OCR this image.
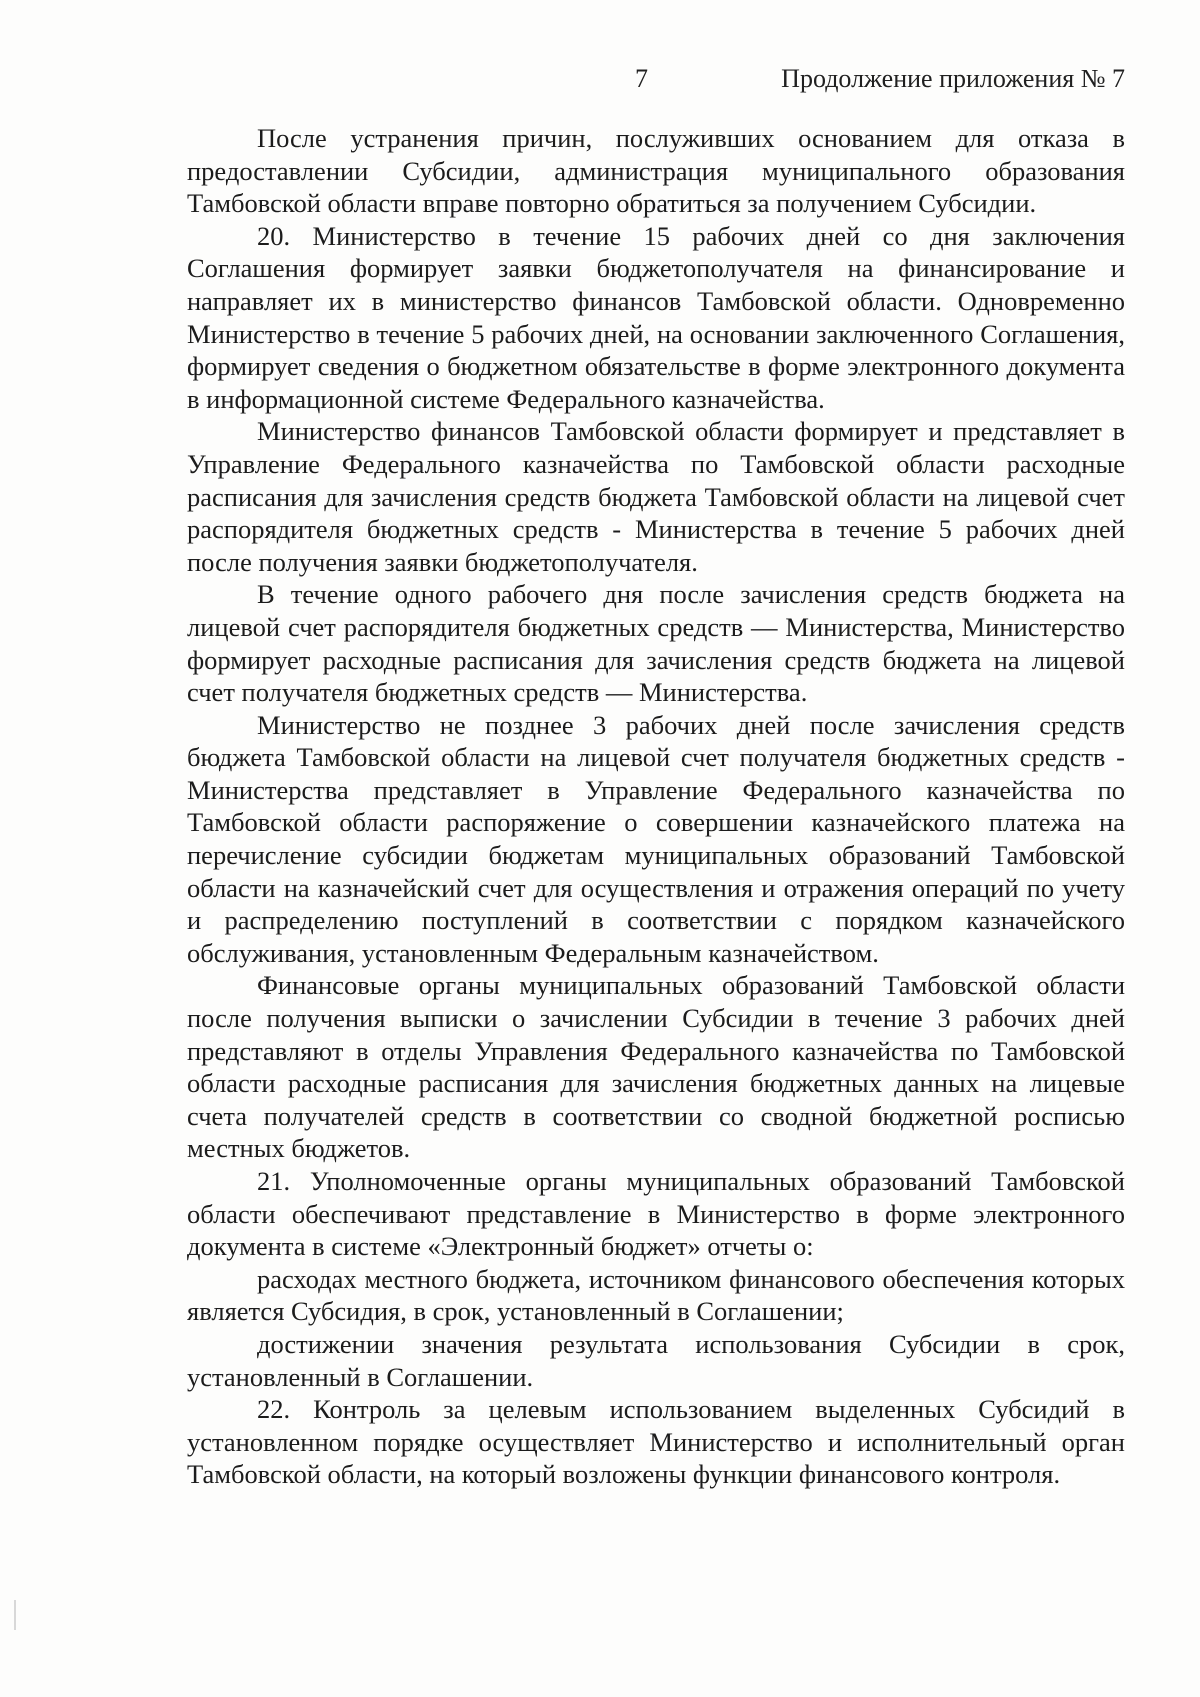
7	Продолжение приложения № 7

После устранения причин, послуживших основанием для отказа в предоставлении Субсидии, администрация муниципального образования Тамбовской области вправе повторно обратиться за получением Субсидии.

20. Министерство в течение 15 рабочих дней со дня заключения Соглашения формирует заявки бюджетополучателя на финансирование и направляет их в министерство финансов Тамбовской области. Одновременно Министерство в течение 5 рабочих дней, на основании заключенного Соглашения, формирует сведения о бюджетном обязательстве в форме электронного документа в информационной системе Федерального казначейства.

Министерство финансов Тамбовской области формирует и представляет в Управление Федерального казначейства по Тамбовской области расходные расписания для зачисления средств бюджета Тамбовской области на лицевой счет распорядителя бюджетных средств - Министерства в течение 5 рабочих дней после получения заявки бюджетополучателя.

В течение одного рабочего дня после зачисления средств бюджета на лицевой счет распорядителя бюджетных средств — Министерства, Министерство формирует расходные расписания для зачисления средств бюджета на лицевой счет получателя бюджетных средств — Министерства.

Министерство не позднее 3 рабочих дней после зачисления средств бюджета Тамбовской области на лицевой счет получателя бюджетных средств - Министерства представляет в Управление Федерального казначейства по Тамбовской области распоряжение о совершении казначейского платежа на перечисление субсидии бюджетам муниципальных образований Тамбовской области на казначейский счет для осуществления и отражения операций по учету и распределению поступлений в соответствии с порядком казначейского обслуживания, установленным Федеральным казначейством.

Финансовые органы муниципальных образований Тамбовской области после получения выписки о зачислении Субсидии в течение 3 рабочих дней представляют в отделы Управления Федерального казначейства по Тамбовской области расходные расписания для зачисления бюджетных данных на лицевые счета получателей средств в соответствии со сводной бюджетной росписью местных бюджетов.

21. Уполномоченные органы муниципальных образований Тамбовской области обеспечивают представление в Министерство в форме электронного документа в системе «Электронный бюджет» отчеты о:

расходах местного бюджета, источником финансового обеспечения которых является Субсидия, в срок, установленный в Соглашении;

достижении значения результата использования Субсидии в срок, установленный в Соглашении.

22. Контроль за целевым использованием выделенных Субсидий в установленном порядке осуществляет Министерство и исполнительный орган Тамбовской области, на который возложены функции финансового контроля.
